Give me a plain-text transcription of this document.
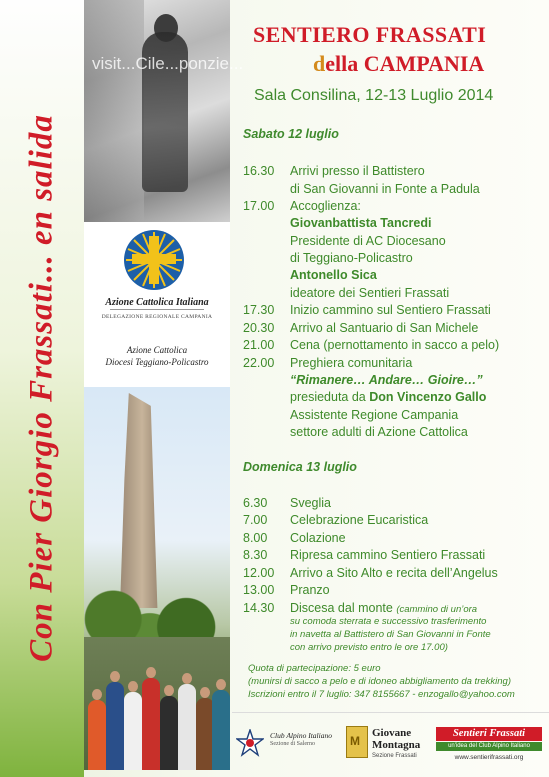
Con Pier Giorgio Frassati... en salida
visit...Cile...ponzie...
Azione Cattolica Italiana
DELEGAZIONE REGIONALE CAMPANIA
Azione Cattolica
Diocesi Teggiano-Policastro
SENTIERO FRASSATI
della CAMPANIA
Sala Consilina, 12-13 Luglio 2014
Sabato 12 luglio
16.30 Arrivi presso il Battistero
di San Giovanni in Fonte a Padula
17.00 Accoglienza:
Giovanbattista Tancredi
Presidente di AC Diocesano
di Teggiano-Policastro
Antonello Sica
ideatore dei Sentieri Frassati
17.30 Inizio cammino sul Sentiero Frassati
20.30 Arrivo al Santuario di San Michele
21.00 Cena (pernottamento in sacco a pelo)
22.00 Preghiera comunitaria
“Rimanere… Andare… Gioire…”
presieduta da Don Vincenzo Gallo
Assistente Regione Campania
settore adulti di Azione Cattolica
Domenica 13 luglio
6.30 Sveglia
7.00 Celebrazione Eucaristica
8.00 Colazione
8.30 Ripresa cammino Sentiero Frassati
12.00 Arrivo a Sito Alto e recita dell’Angelus
13.00 Pranzo
14.30 Discesa dal monte (cammino di un’ora
su comoda sterrata e successivo trasferimento
in navetta al Battistero di San Giovanni in Fonte
con arrivo previsto entro le ore 17.00)
Quota di partecipazione: 5 euro
(munirsi di sacco a pelo e di idoneo abbigliamento da trekking)
Iscrizioni entro il 7 luglio: 347 8155667 - enzogallo@yahoo.com
Club Alpino Italiano
Sezione di Salerno
M
Giovane
Montagna
Sezione Frassati
Sentieri Frassati
un'idea del Club Alpino Italiano
www.sentierifrassati.org
